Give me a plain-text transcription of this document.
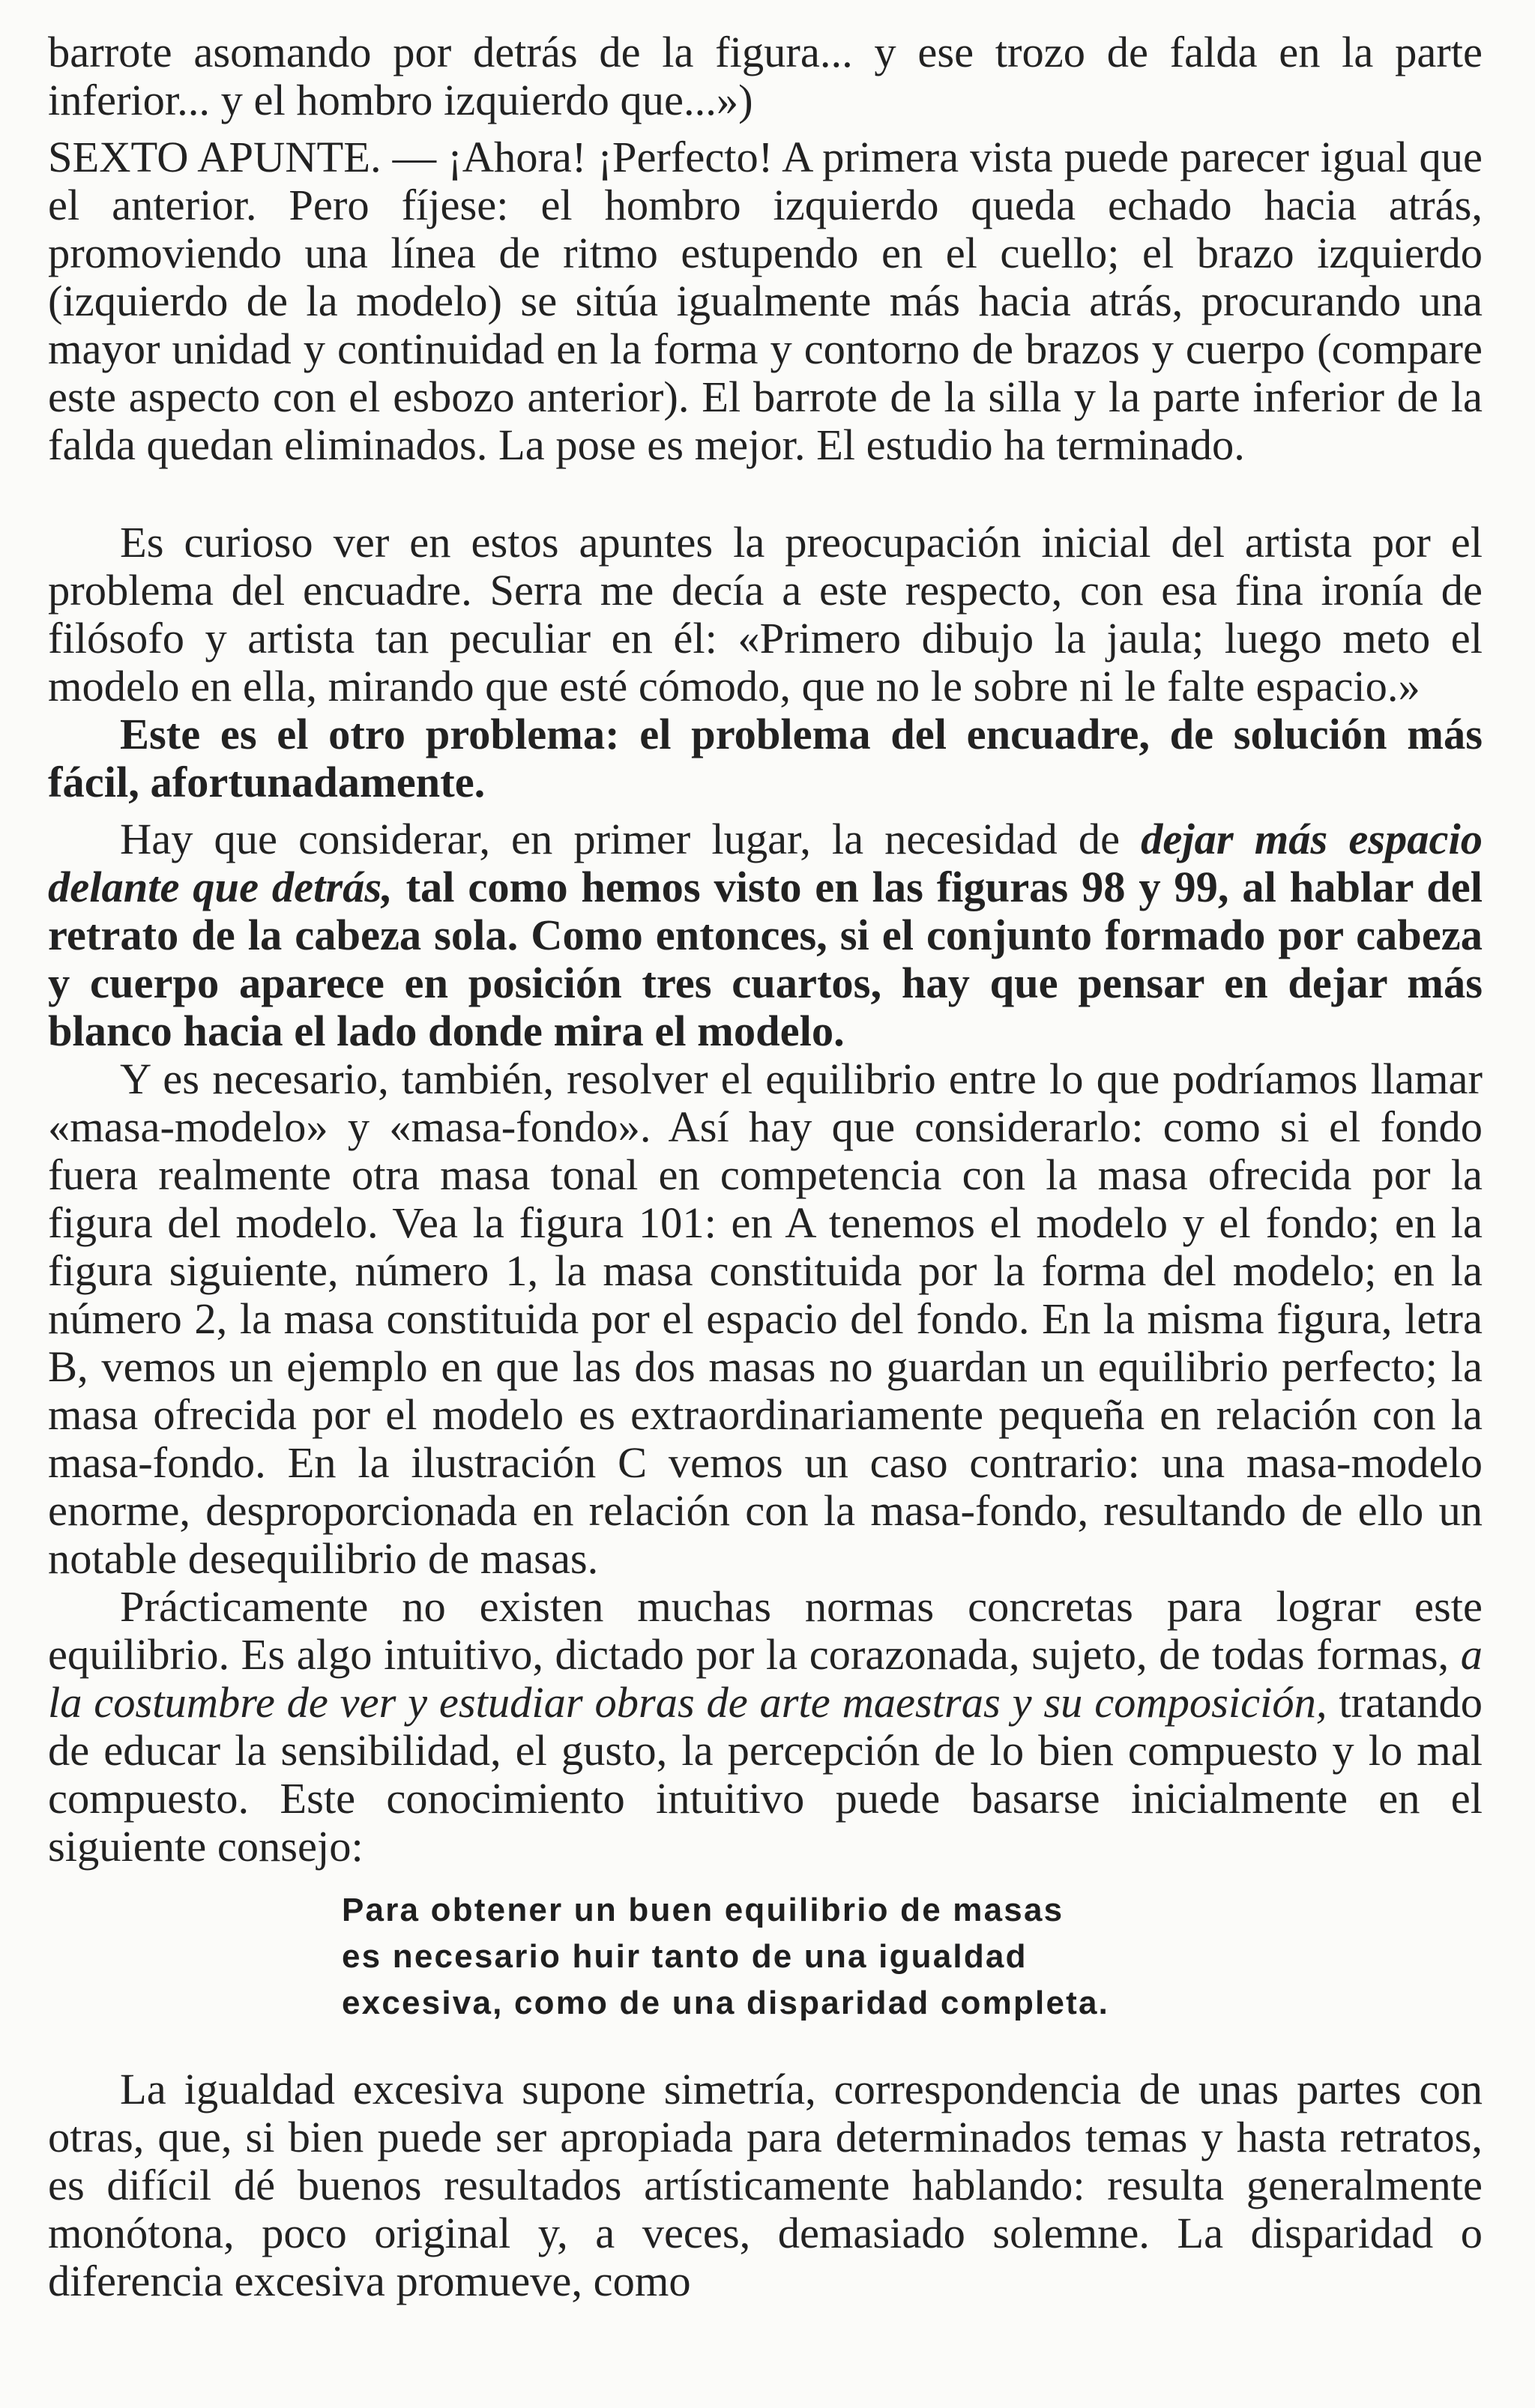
barrote asomando por detrás de la figura... y ese trozo de falda en la parte inferior... y el hombro izquierdo que...»)

SEXTO APUNTE. — ¡Ahora! ¡Perfecto! A primera vista puede parecer igual que el anterior. Pero fíjese: el hombro izquierdo queda echado hacia atrás, promoviendo una línea de ritmo estupendo en el cuello; el brazo izquierdo (izquierdo de la modelo) se sitúa igualmente más hacia atrás, procurando una mayor unidad y continuidad en la forma y contorno de brazos y cuerpo (compare este aspecto con el esbozo anterior). El barrote de la silla y la parte inferior de la falda quedan eliminados. La pose es mejor. El estudio ha terminado.

Es curioso ver en estos apuntes la preocupación inicial del artista por el problema del encuadre. Serra me decía a este respecto, con esa fina ironía de filósofo y artista tan peculiar en él: «Primero dibujo la jaula; luego meto el modelo en ella, mirando que esté cómodo, que no le sobre ni le falte espacio.»

Este es el otro problema: el problema del encuadre, de solución más fácil, afortunadamente.

Hay que considerar, en primer lugar, la necesidad de dejar más espacio delante que detrás, tal como hemos visto en las figuras 98 y 99, al hablar del retrato de la cabeza sola. Como entonces, si el conjunto formado por cabeza y cuerpo aparece en posición tres cuartos, hay que pensar en dejar más blanco hacia el lado donde mira el modelo.

Y es necesario, también, resolver el equilibrio entre lo que podríamos llamar «masa-modelo» y «masa-fondo». Así hay que considerarlo: como si el fondo fuera realmente otra masa tonal en competencia con la masa ofrecida por la figura del modelo. Vea la figura 101: en A tenemos el modelo y el fondo; en la figura siguiente, número 1, la masa constituida por la forma del modelo; en la número 2, la masa constituida por el espacio del fondo. En la misma figura, letra B, vemos un ejemplo en que las dos masas no guardan un equilibrio perfecto; la masa ofrecida por el modelo es extraordinariamente pequeña en relación con la masa-fondo. En la ilustración C vemos un caso contrario: una masa-modelo enorme, desproporcionada en relación con la masa-fondo, resultando de ello un notable desequilibrio de masas.

Prácticamente no existen muchas normas concretas para lograr este equilibrio. Es algo intuitivo, dictado por la corazonada, sujeto, de todas formas, a la costumbre de ver y estudiar obras de arte maestras y su composición, tratando de educar la sensibilidad, el gusto, la percepción de lo bien compuesto y lo mal compuesto. Este conocimiento intuitivo puede basarse inicialmente en el siguiente consejo:

Para obtener un buen equilibrio de masas
es necesario huir tanto de una igualdad
excesiva, como de una disparidad completa.

La igualdad excesiva supone simetría, correspondencia de unas partes con otras, que, si bien puede ser apropiada para determinados temas y hasta retratos, es difícil dé buenos resultados artísticamente hablando: resulta generalmente monótona, poco original y, a veces, demasiado solemne. La disparidad o diferencia excesiva promueve, como
